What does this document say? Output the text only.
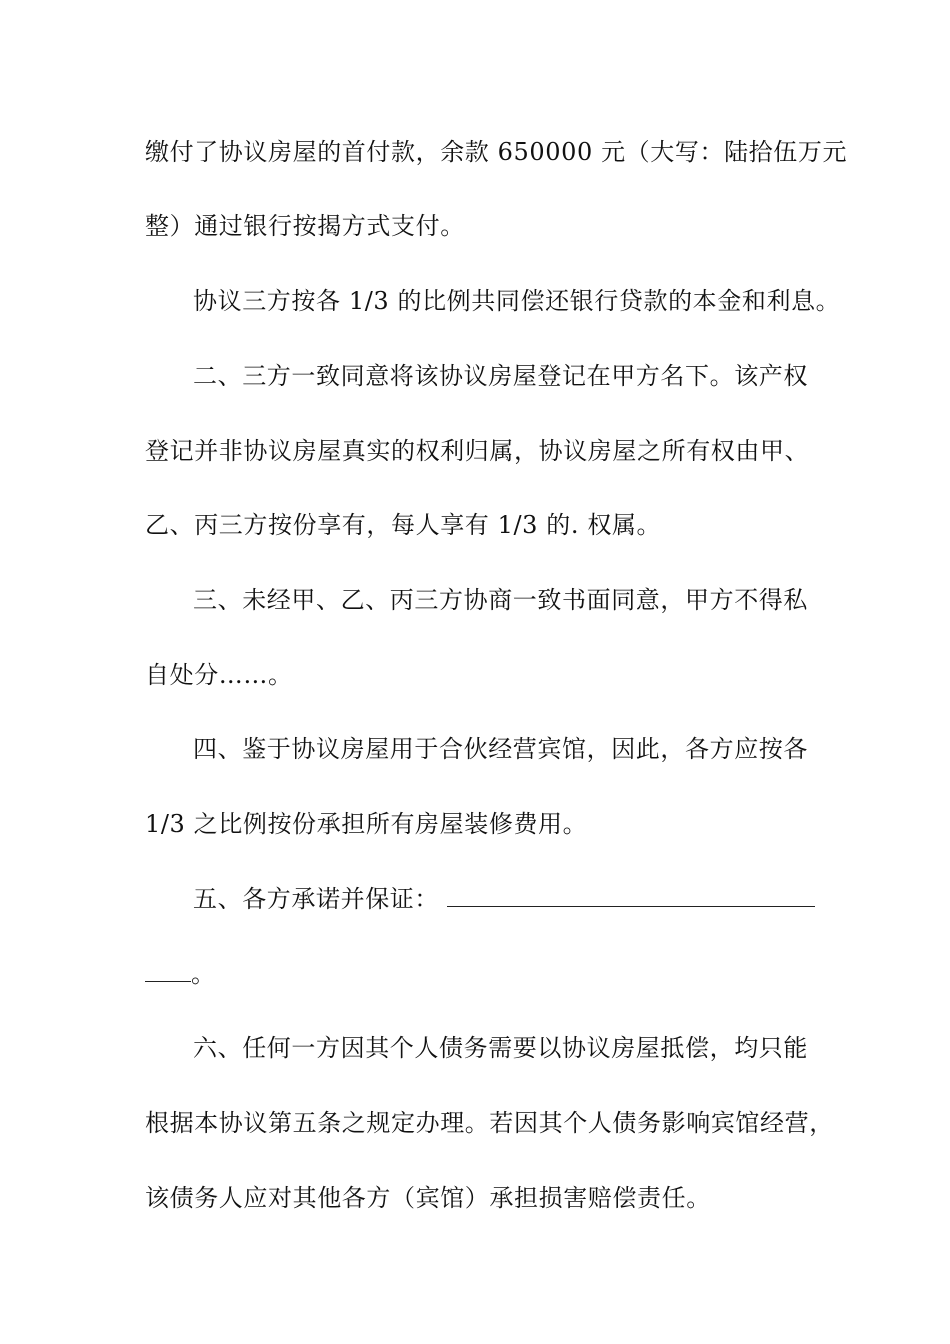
缴付了协议房屋的首付款，余款 650000 元（大写：陆拾伍万元
整）通过银行按揭方式支付。
协议三方按各 1/3 的比例共同偿还银行贷款的本金和利息。
二、三方一致同意将该协议房屋登记在甲方名下。该产权
登记并非协议房屋真实的权利归属，协议房屋之所有权由甲、
乙、丙三方按份享有，每人享有 1/3 的. 权属。
三、未经甲、乙、丙三方协商一致书面同意，甲方不得私
自处分……。
四、鉴于协议房屋用于合伙经营宾馆，因此，各方应按各
1/3 之比例按份承担所有房屋装修费用。
五、各方承诺并保证：
。
六、任何一方因其个人债务需要以协议房屋抵偿，均只能
根据本协议第五条之规定办理。若因其个人债务影响宾馆经营，
该债务人应对其他各方（宾馆）承担损害赔偿责任。
